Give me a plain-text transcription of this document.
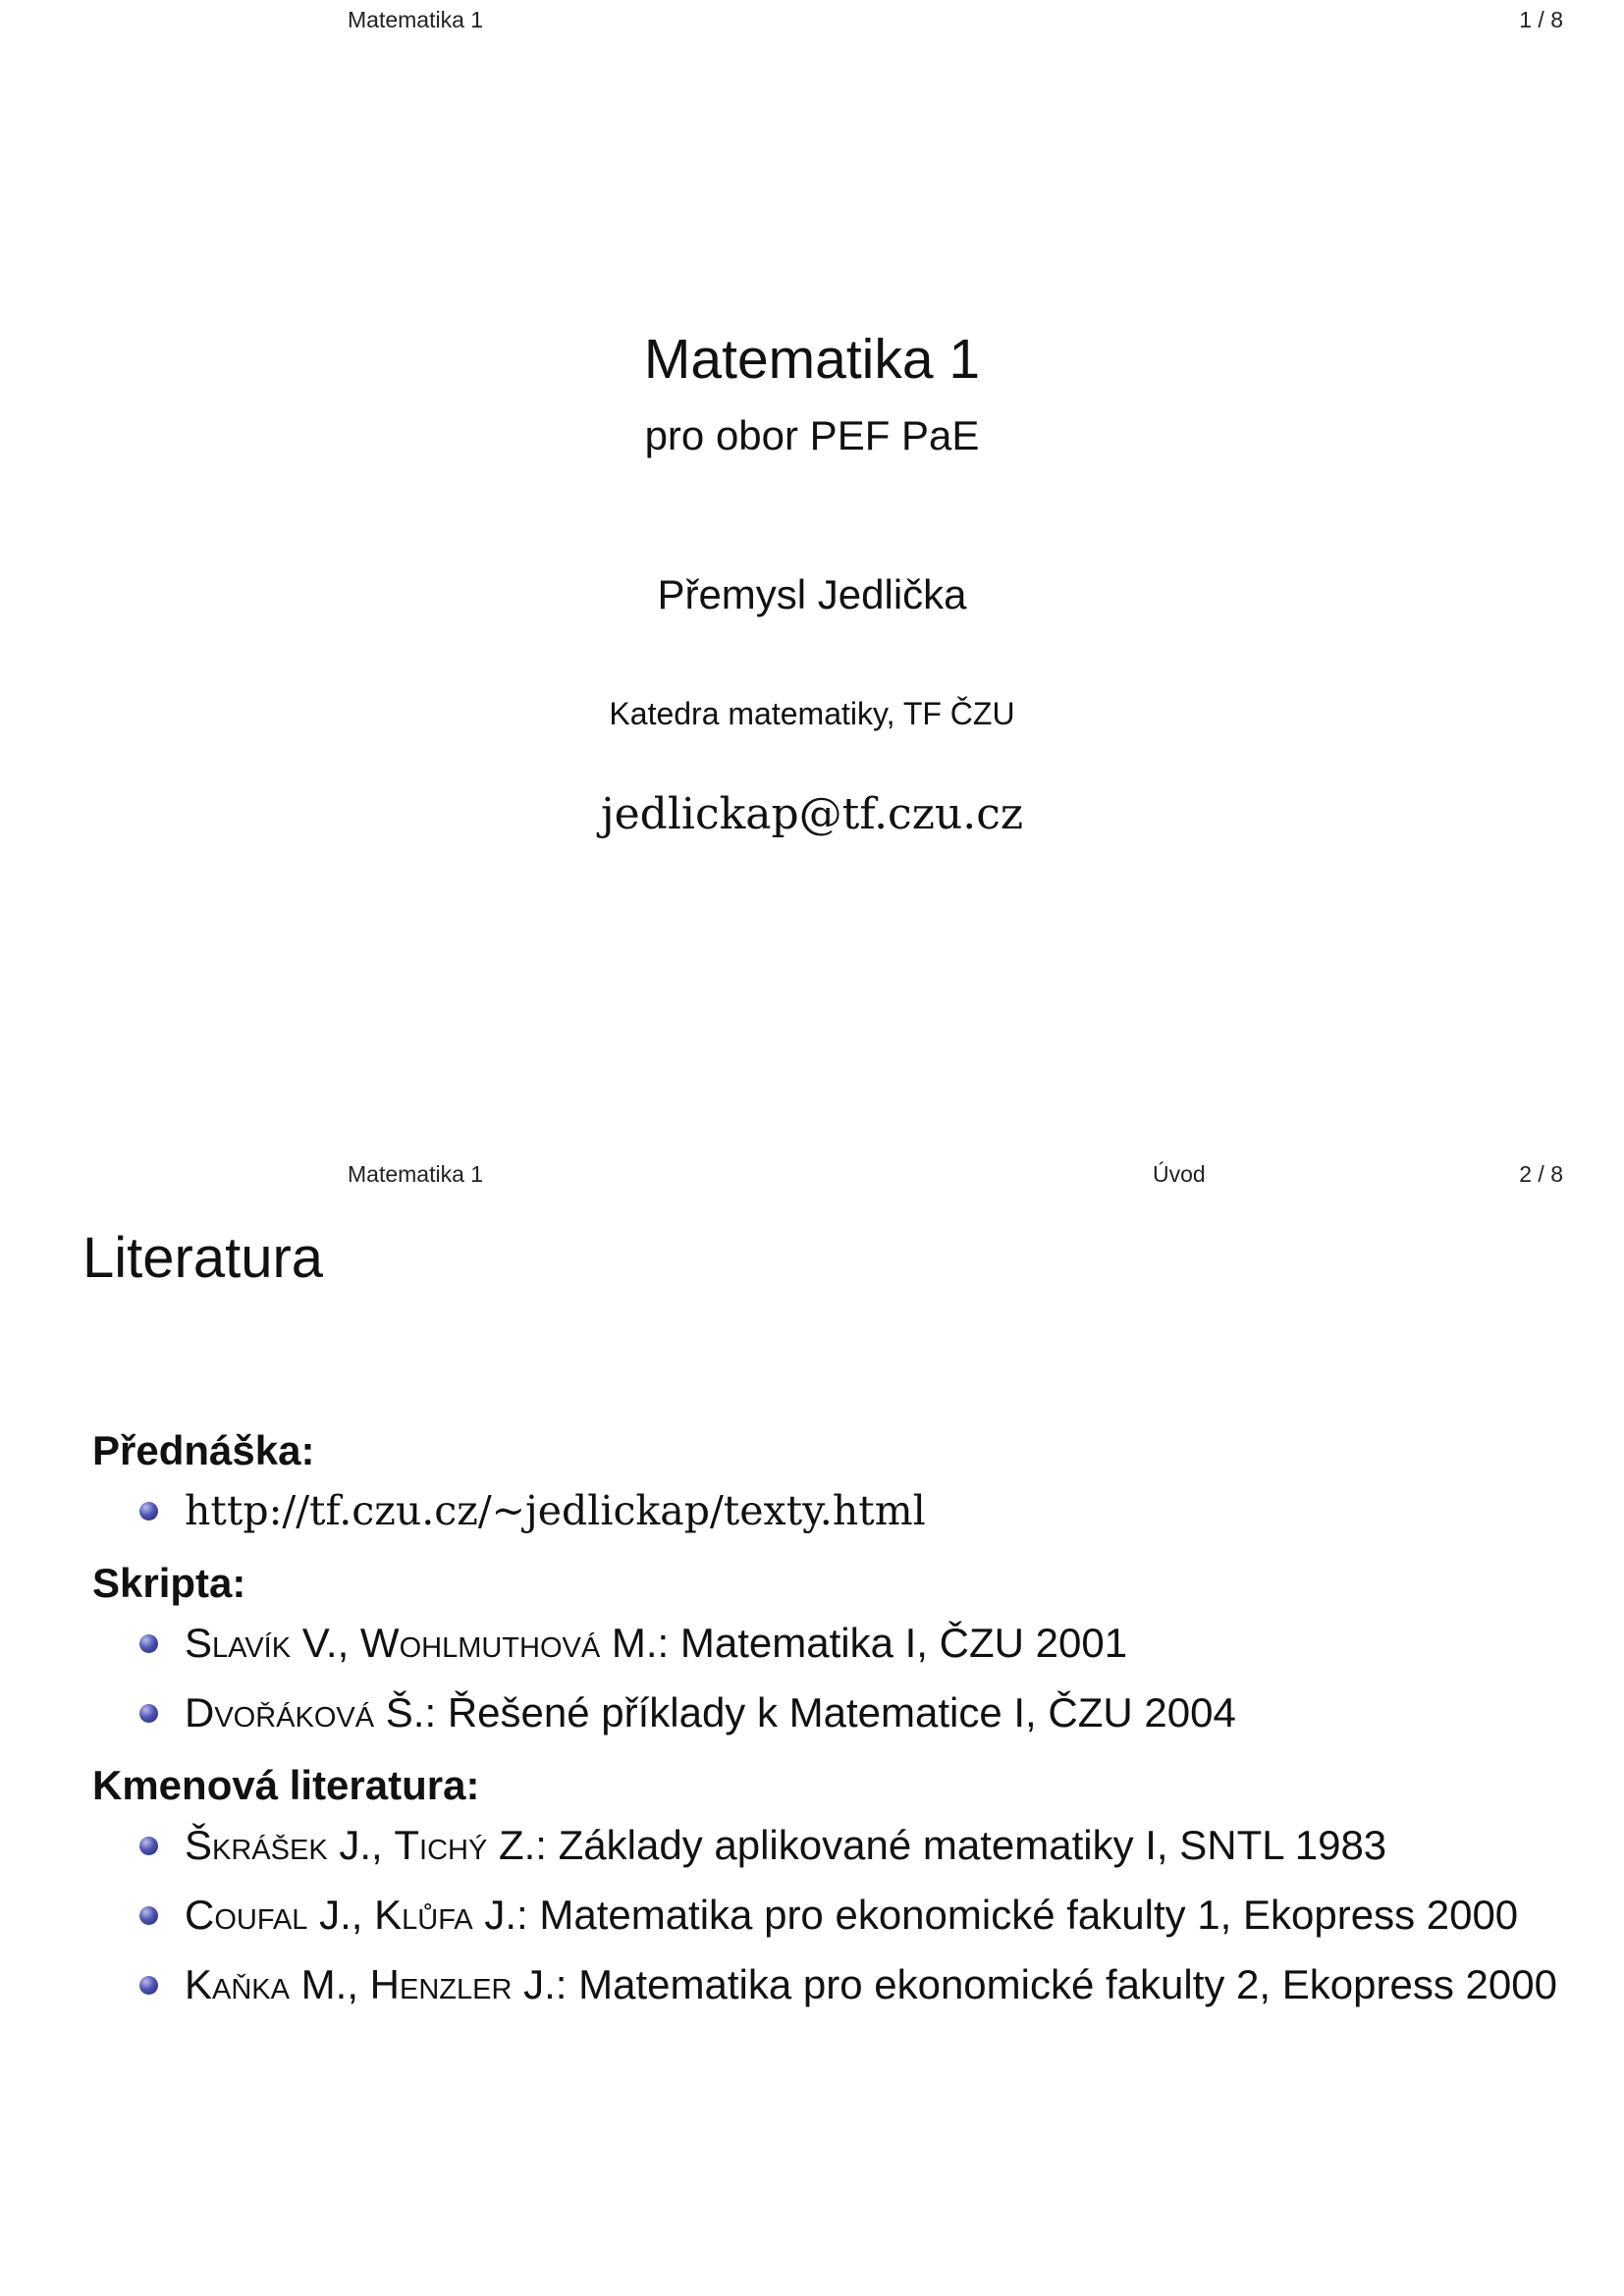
Matematika 1	1 / 8
Matematika 1
pro obor PEF PaE
Přemysl Jedlička
Katedra matematiky, TF ČZU
jedlickap@tf.czu.cz
Matematika 1	Úvod	2 / 8
Literatura
Přednáška:
http://tf.czu.cz/~jedlickap/texty.html
Skripta:
Slavík V., Wohlmuthová M.: Matematika I, ČZU 2001
Dvořáková Š.: Řešené příklady k Matematice I, ČZU 2004
Kmenová literatura:
Škrášek J., Tichý Z.: Základy aplikované matematiky I, SNTL 1983
Coufal J., Klůfa J.: Matematika pro ekonomické fakulty 1, Ekopress 2000
Kaňka M., Henzler J.: Matematika pro ekonomické fakulty 2, Ekopress 2000
